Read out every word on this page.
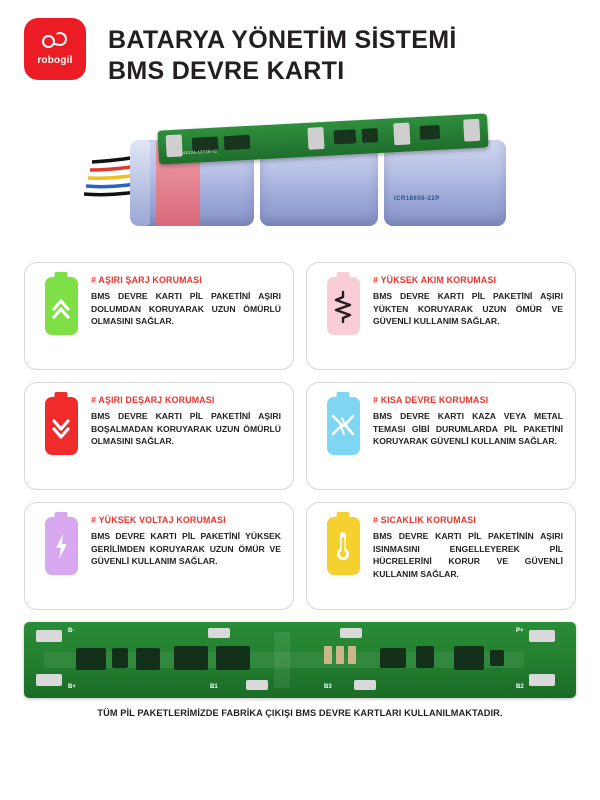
robogil
BATARYA YÖNETİM SİSTEMİ
BMS DEVRE KARTI
4S12A-12718-V2
ICR18650-22P
# AŞIRI ŞARJ KORUMASI
BMS DEVRE KARTI PİL PAKETİNİ AŞIRI DOLUMDAN KORUYARAK UZUN ÖMÜRLÜ OLMASINI SAĞLAR.
# YÜKSEK AKIM KORUMASI
BMS DEVRE KARTI PİL PAKETİNİ AŞIRI YÜKTEN KORUYARAK UZUN ÖMÜR VE GÜVENLİ KULLANIM SAĞLAR.
# AŞIRI DEŞARJ KORUMASI
BMS DEVRE KARTI PİL PAKETİNİ AŞIRI BOŞALMADAN KORUYARAK UZUN ÖMÜRLÜ OLMASINI SAĞLAR.
# KISA DEVRE KORUMASI
BMS DEVRE KARTI KAZA VEYA METAL TEMASI GİBİ DURUMLARDA PİL PAKETİNİ KORUYARAK GÜVENLİ KULLANIM SAĞLAR.
# YÜKSEK VOLTAJ KORUMASI
BMS DEVRE KARTI PİL PAKETİNİ YÜKSEK GERİLİMDEN KORUYARAK UZUN ÖMÜR VE GÜVENLİ KULLANIM SAĞLAR.
# SICAKLIK KORUMASI
BMS DEVRE KARTI PİL PAKETİNİN AŞIRI ISINMASINI ENGELLEYEREK PİL HÜCRELERİNİ KORUR VE GÜVENLİ KULLANIM SAĞLAR.
B-
B+	B1	B3	B2
P+
TÜM PİL PAKETLERİMİZDE FABRİKA ÇIKIŞI BMS DEVRE KARTLARI KULLANILMAKTADIR.
